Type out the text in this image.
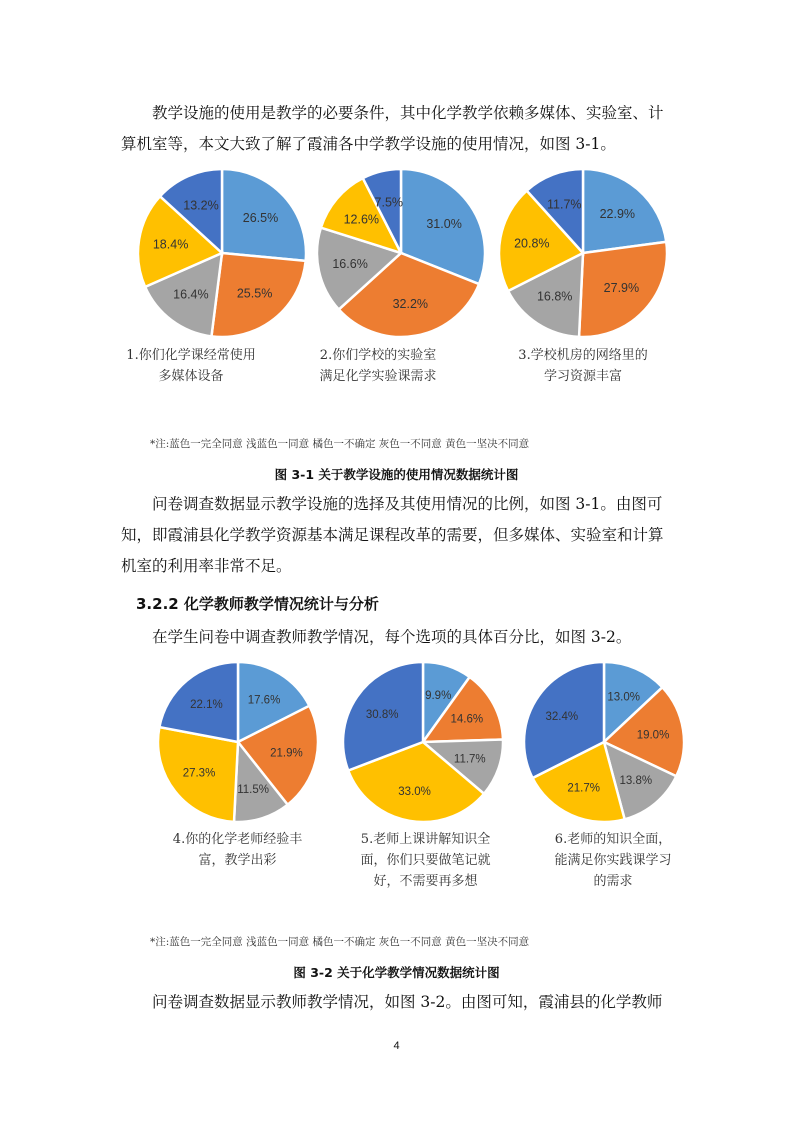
教学设施的使用是教学的必要条件，其中化学教学依赖多媒体、实验室、计算机室等，本文大致了解了霞浦各中学教学设施的使用情况，如图 3-1。

26.5%
25.5%
16.4%
18.4%
13.2%
31.0%
32.2%
16.6%
12.6%
7.5%
22.9%
27.9%
16.8%
20.8%
11.7%

1.你们化学课经常使用多媒体设备

2.你们学校的实验室满足化学实验课需求

3.学校机房的网络里的学习资源丰富

*注:蓝色一完全同意 浅蓝色一同意 橘色一不确定 灰色一不同意 黄色一坚决不同意

图 3-1 关于教学设施的使用情况数据统计图

问卷调查数据显示教学设施的选择及其使用情况的比例，如图 3-1。由图可知，即霞浦县化学教学资源基本满足课程改革的需要，但多媒体、实验室和计算机室的利用率非常不足。

3.2.2 化学教师教学情况统计与分析

在学生问卷中调查教师教学情况，每个选项的具体百分比，如图 3-2。

17.6%
21.9%
11.5%
27.3%
22.1%
9.9%
14.6%
11.7%
33.0%
30.8%
13.0%
19.0%
13.8%
21.7%
32.4%

4.你的化学老师经验丰富，教学出彩

5.老师上课讲解知识全面，你们只要做笔记就好，不需要再多想

6.老师的知识全面，能满足你实践课学习的需求

*注:蓝色一完全同意 浅蓝色一同意 橘色一不确定 灰色一不同意 黄色一坚决不同意

图 3-2 关于化学教学情况数据统计图

问卷调查数据显示教师教学情况，如图 3-2。由图可知，霞浦县的化学教师

4
